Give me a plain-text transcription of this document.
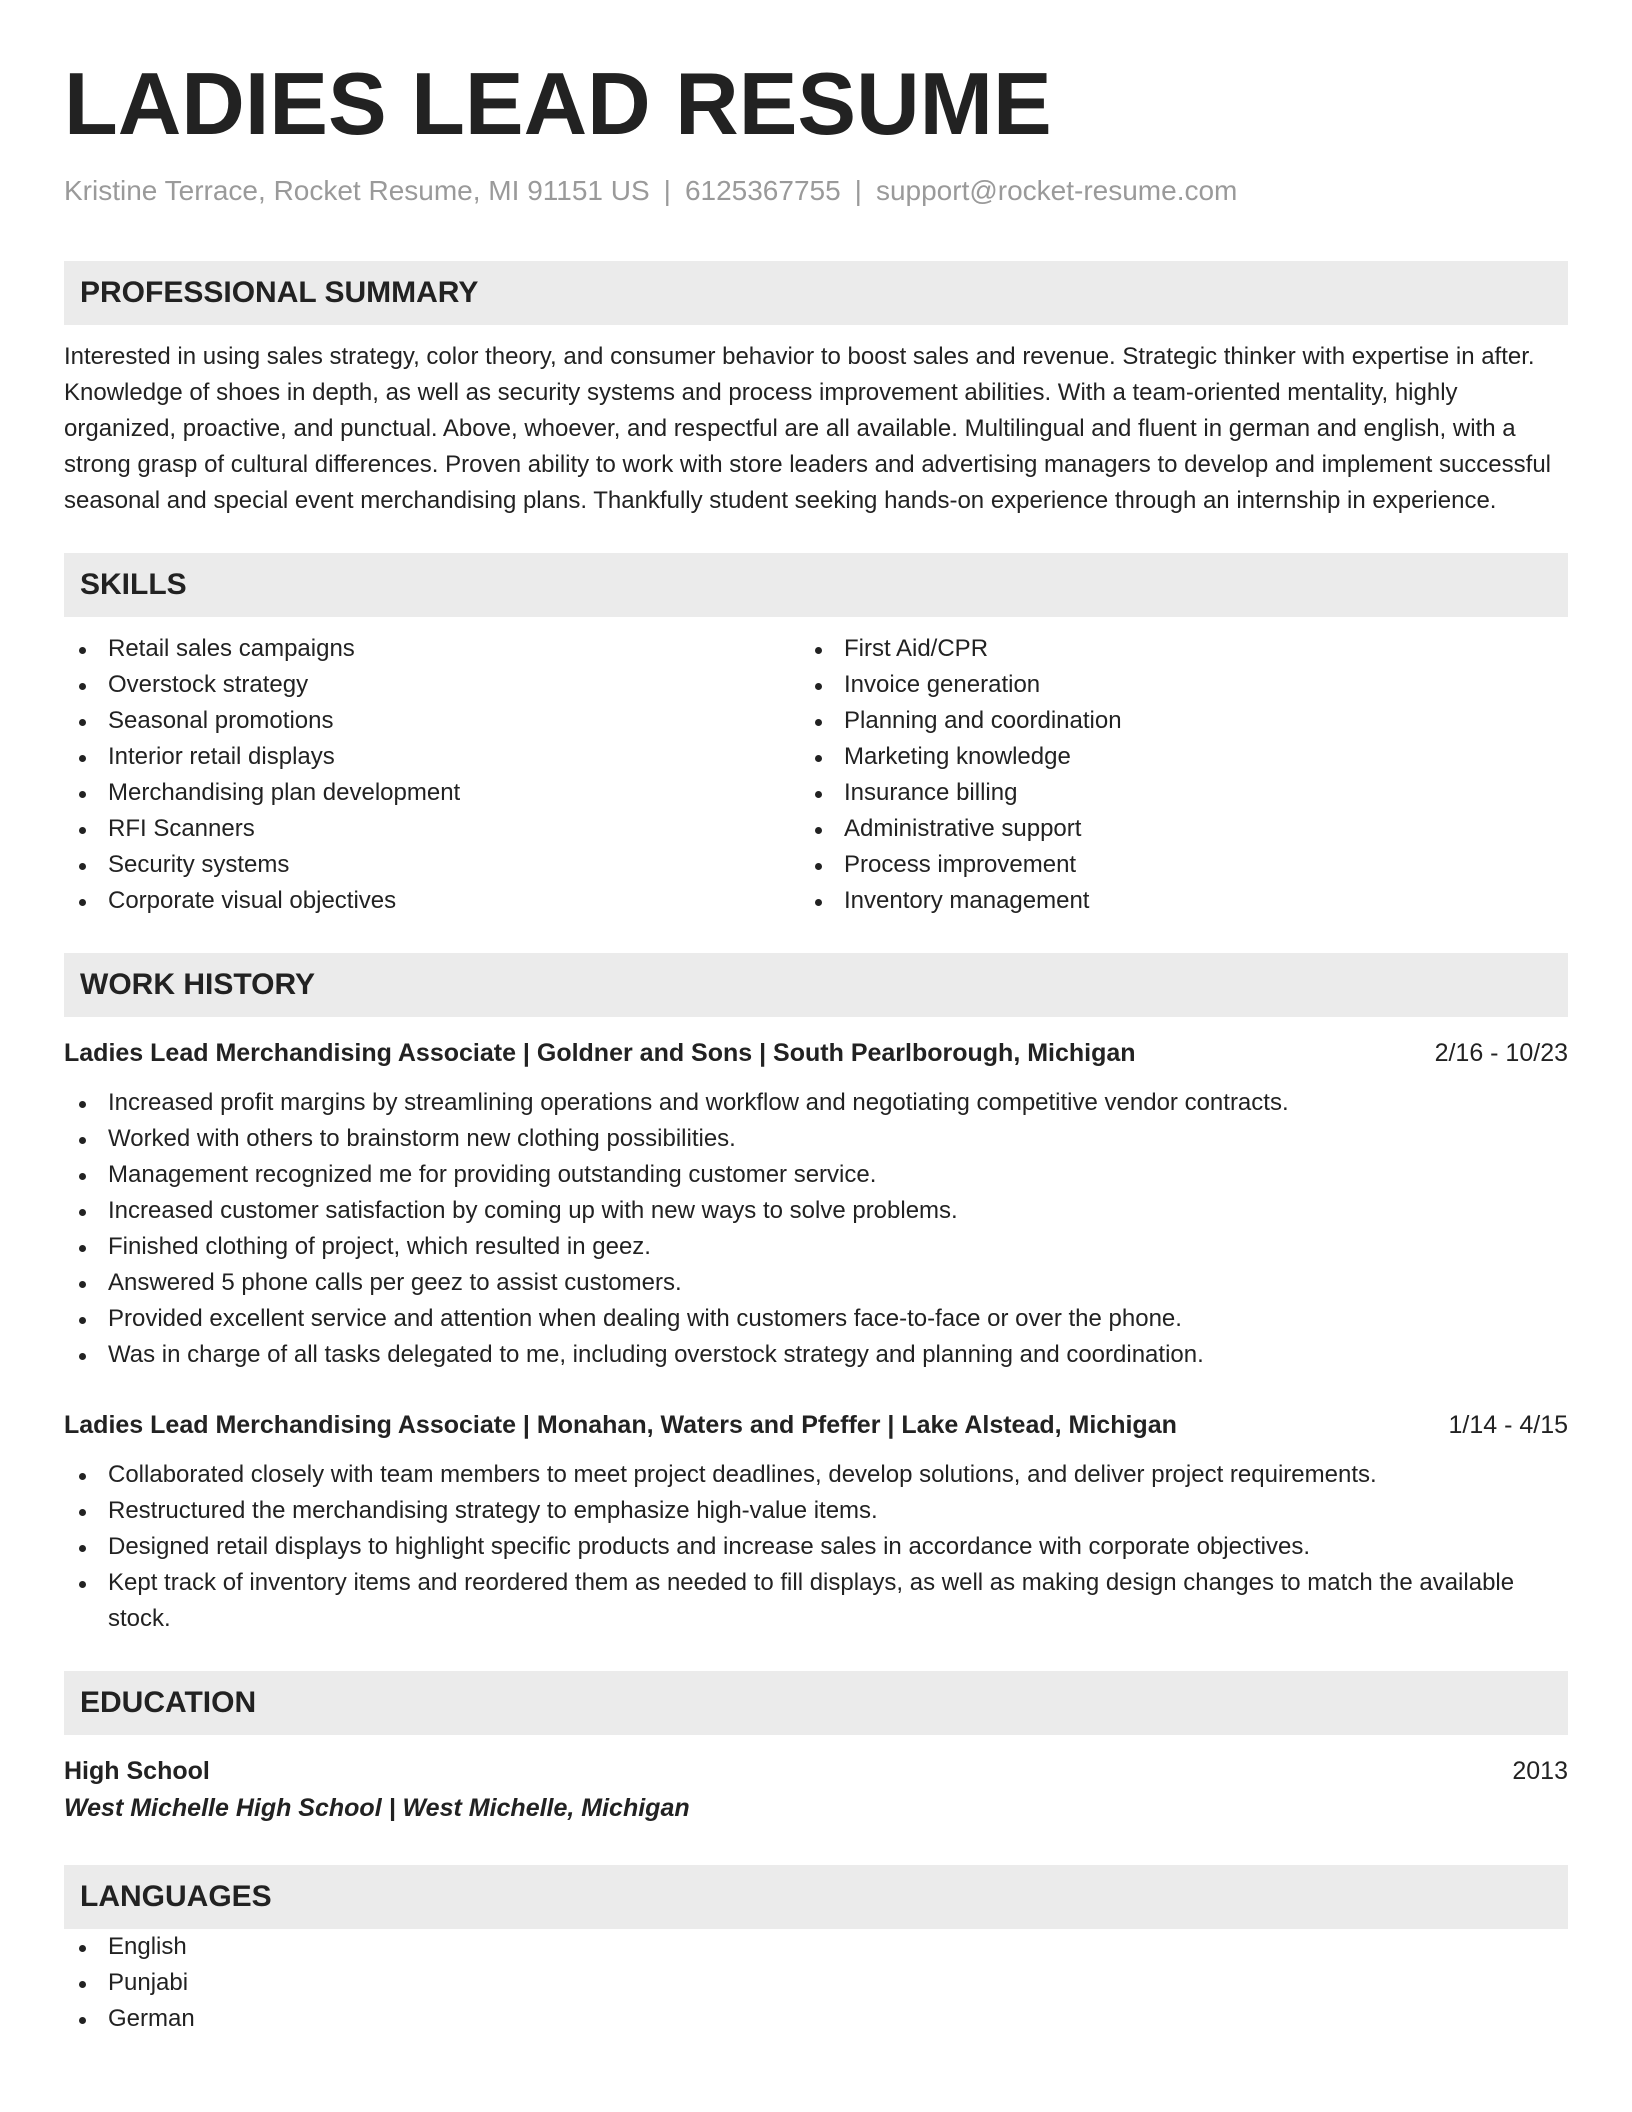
LADIES LEAD RESUME
Kristine Terrace, Rocket Resume, MI 91151 US | 6125367755 | support@rocket-resume.com
PROFESSIONAL SUMMARY
Interested in using sales strategy, color theory, and consumer behavior to boost sales and revenue. Strategic thinker with expertise in after. Knowledge of shoes in depth, as well as security systems and process improvement abilities. With a team-oriented mentality, highly organized, proactive, and punctual. Above, whoever, and respectful are all available. Multilingual and fluent in german and english, with a strong grasp of cultural differences. Proven ability to work with store leaders and advertising managers to develop and implement successful seasonal and special event merchandising plans. Thankfully student seeking hands-on experience through an internship in experience.
SKILLS
Retail sales campaigns
Overstock strategy
Seasonal promotions
Interior retail displays
Merchandising plan development
RFI Scanners
Security systems
Corporate visual objectives
First Aid/CPR
Invoice generation
Planning and coordination
Marketing knowledge
Insurance billing
Administrative support
Process improvement
Inventory management
WORK HISTORY
Ladies Lead Merchandising Associate | Goldner and Sons | South Pearlborough, Michigan	2/16 - 10/23
Increased profit margins by streamlining operations and workflow and negotiating competitive vendor contracts.
Worked with others to brainstorm new clothing possibilities.
Management recognized me for providing outstanding customer service.
Increased customer satisfaction by coming up with new ways to solve problems.
Finished clothing of project, which resulted in geez.
Answered 5 phone calls per geez to assist customers.
Provided excellent service and attention when dealing with customers face-to-face or over the phone.
Was in charge of all tasks delegated to me, including overstock strategy and planning and coordination.
Ladies Lead Merchandising Associate | Monahan, Waters and Pfeffer | Lake Alstead, Michigan	1/14 - 4/15
Collaborated closely with team members to meet project deadlines, develop solutions, and deliver project requirements.
Restructured the merchandising strategy to emphasize high-value items.
Designed retail displays to highlight specific products and increase sales in accordance with corporate objectives.
Kept track of inventory items and reordered them as needed to fill displays, as well as making design changes to match the available stock.
EDUCATION
High School	2013
West Michelle High School | West Michelle, Michigan
LANGUAGES
English
Punjabi
German
